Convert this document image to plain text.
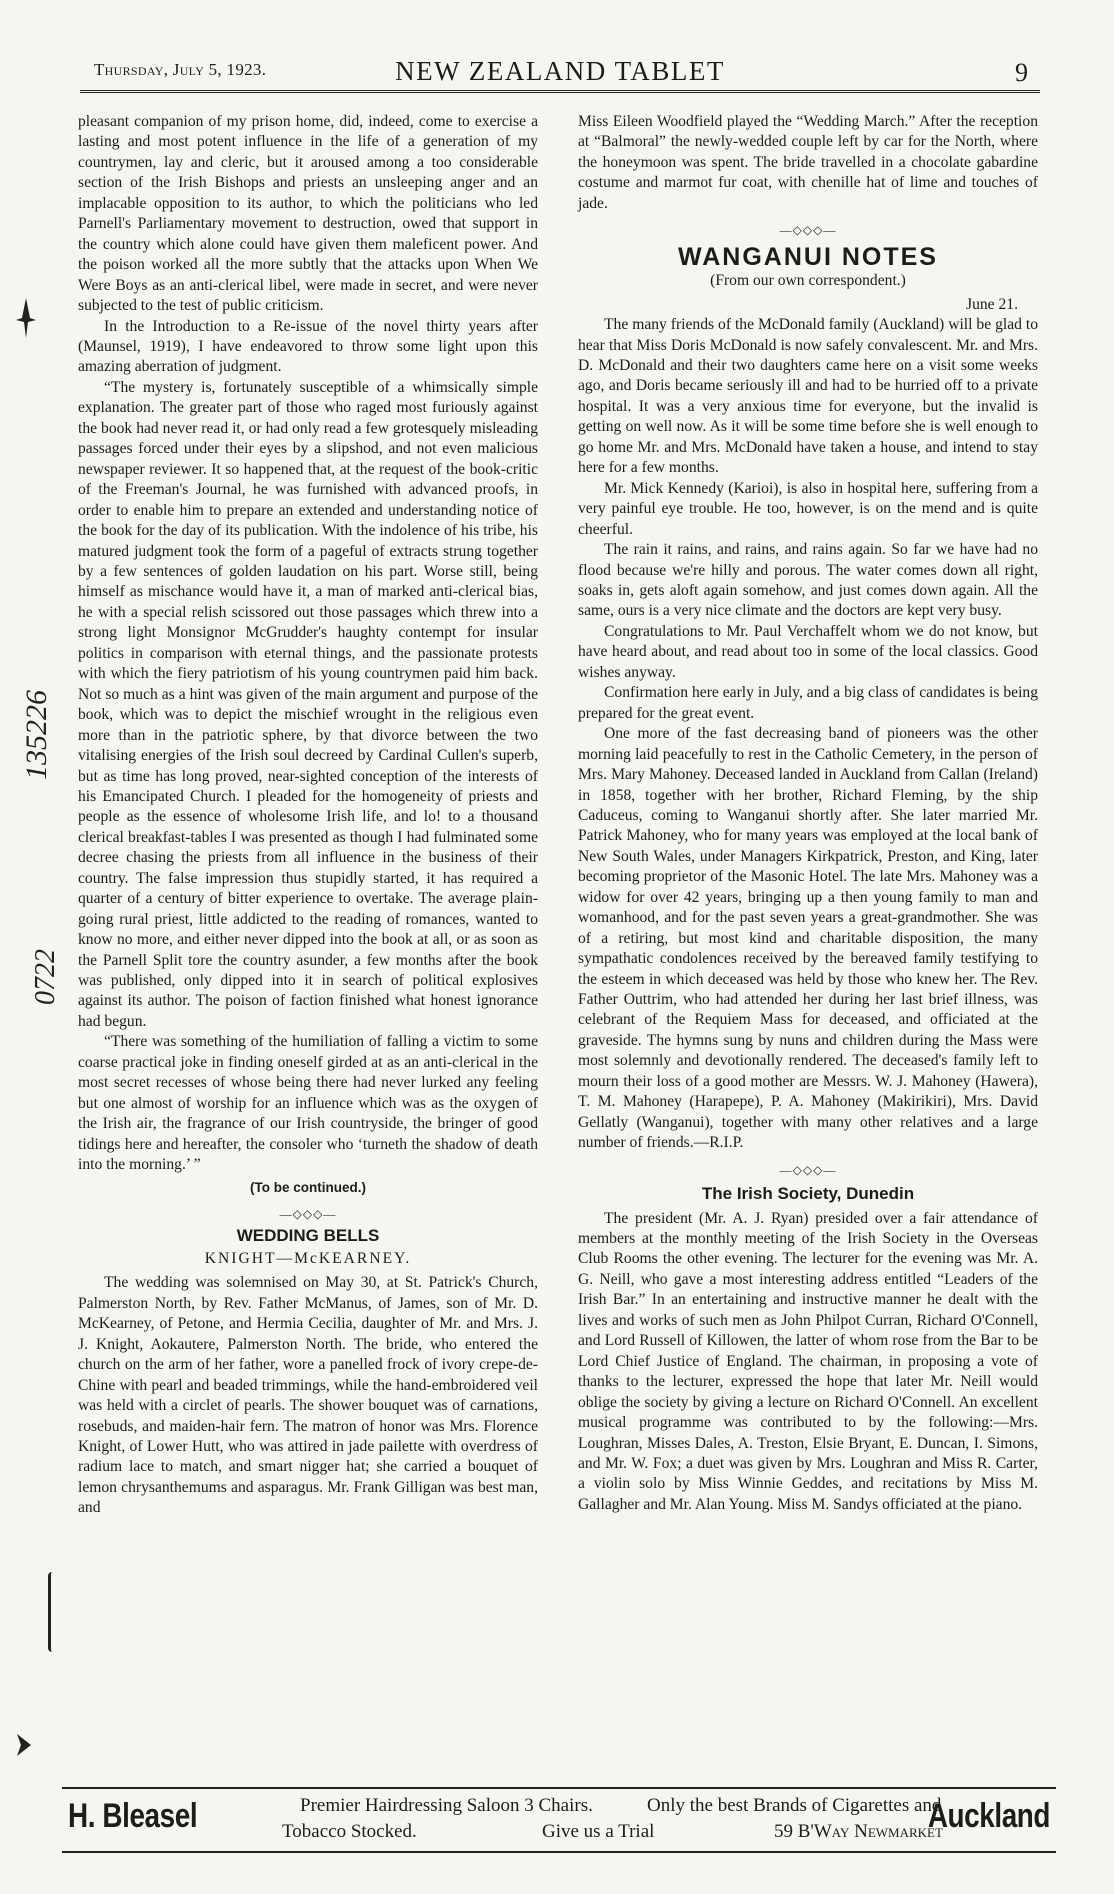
Thursday, July 5, 1923.	NEW ZEALAND TABLET	9

pleasant companion of my prison home, did, indeed, come to exercise a lasting and most potent influence in the life of a generation of my countrymen, lay and cleric, but it aroused among a too considerable section of the Irish Bishops and priests an unsleeping anger and an implacable opposition to its author, to which the politicians who led Parnell's Parliamentary movement to destruction, owed that support in the country which alone could have given them maleficent power. And the poison worked all the more subtly that the attacks upon When We Were Boys as an anti-clerical libel, were made in secret, and were never subjected to the test of public criticism.

In the Introduction to a Re-issue of the novel thirty years after (Maunsel, 1919), I have endeavored to throw some light upon this amazing aberration of judgment.

“The mystery is, fortunately susceptible of a whimsically simple explanation. The greater part of those who raged most furiously against the book had never read it, or had only read a few grotesquely misleading passages forced under their eyes by a slipshod, and not even malicious newspaper reviewer. It so happened that, at the request of the book-critic of the Freeman's Journal, he was furnished with advanced proofs, in order to enable him to prepare an extended and understanding notice of the book for the day of its publication. With the indolence of his tribe, his matured judgment took the form of a pageful of extracts strung together by a few sentences of golden laudation on his part. Worse still, being himself as mischance would have it, a man of marked anti-clerical bias, he with a special relish scissored out those passages which threw into a strong light Monsignor McGrudder's haughty contempt for insular politics in comparison with eternal things, and the passionate protests with which the fiery patriotism of his young countrymen paid him back. Not so much as a hint was given of the main argument and purpose of the book, which was to depict the mischief wrought in the religious even more than in the patriotic sphere, by that divorce between the two vitalising energies of the Irish soul decreed by Cardinal Cullen's superb, but as time has long proved, near-sighted conception of the interests of his Emancipated Church. I pleaded for the homogeneity of priests and people as the essence of wholesome Irish life, and lo! to a thousand clerical breakfast-tables I was presented as though I had fulminated some decree chasing the priests from all influence in the business of their country. The false impression thus stupidly started, it has required a quarter of a century of bitter experience to overtake. The average plain-going rural priest, little addicted to the reading of romances, wanted to know no more, and either never dipped into the book at all, or as soon as the Parnell Split tore the country asunder, a few months after the book was published, only dipped into it in search of political explosives against its author. The poison of faction finished what honest ignorance had begun.

“There was something of the humiliation of falling a victim to some coarse practical joke in finding oneself girded at as an anti-clerical in the most secret recesses of whose being there had never lurked any feeling but one almost of worship for an influence which was as the oxygen of the Irish air, the fragrance of our Irish countryside, the bringer of good tidings here and hereafter, the consoler who ‘turneth the shadow of death into the morning.’ ”

(To be continued.)
—◇◇◇—
WEDDING BELLS
KNIGHT—McKEARNEY.

The wedding was solemnised on May 30, at St. Patrick's Church, Palmerston North, by Rev. Father McManus, of James, son of Mr. D. McKearney, of Petone, and Hermia Cecilia, daughter of Mr. and Mrs. J. J. Knight, Aokautere, Palmerston North. The bride, who entered the church on the arm of her father, wore a panelled frock of ivory crepe-de-Chine with pearl and beaded trimmings, while the hand-embroidered veil was held with a circlet of pearls. The shower bouquet was of carnations, rosebuds, and maiden-hair fern. The matron of honor was Mrs. Florence Knight, of Lower Hutt, who was attired in jade pailette with overdress of radium lace to match, and smart nigger hat; she carried a bouquet of lemon chrysanthemums and asparagus. Mr. Frank Gilligan was best man, and

Miss Eileen Woodfield played the “Wedding March.” After the reception at “Balmoral” the newly-wedded couple left by car for the North, where the honeymoon was spent. The bride travelled in a chocolate gabardine costume and marmot fur coat, with chenille hat of lime and touches of jade.

—◇◇◇—
WANGANUI NOTES
(From our own correspondent.)
June 21.

The many friends of the McDonald family (Auckland) will be glad to hear that Miss Doris McDonald is now safely convalescent. Mr. and Mrs. D. McDonald and their two daughters came here on a visit some weeks ago, and Doris became seriously ill and had to be hurried off to a private hospital. It was a very anxious time for everyone, but the invalid is getting on well now. As it will be some time before she is well enough to go home Mr. and Mrs. McDonald have taken a house, and intend to stay here for a few months.

Mr. Mick Kennedy (Karioi), is also in hospital here, suffering from a very painful eye trouble. He too, however, is on the mend and is quite cheerful.

The rain it rains, and rains, and rains again. So far we have had no flood because we're hilly and porous. The water comes down all right, soaks in, gets aloft again somehow, and just comes down again. All the same, ours is a very nice climate and the doctors are kept very busy.

Congratulations to Mr. Paul Verchaffelt whom we do not know, but have heard about, and read about too in some of the local classics. Good wishes anyway.

Confirmation here early in July, and a big class of candidates is being prepared for the great event.

One more of the fast decreasing band of pioneers was the other morning laid peacefully to rest in the Catholic Cemetery, in the person of Mrs. Mary Mahoney. Deceased landed in Auckland from Callan (Ireland) in 1858, together with her brother, Richard Fleming, by the ship Caduceus, coming to Wanganui shortly after. She later married Mr. Patrick Mahoney, who for many years was employed at the local bank of New South Wales, under Managers Kirkpatrick, Preston, and King, later becoming proprietor of the Masonic Hotel. The late Mrs. Mahoney was a widow for over 42 years, bringing up a then young family to man and womanhood, and for the past seven years a great-grandmother. She was of a retiring, but most kind and charitable disposition, the many sympathatic condolences received by the bereaved family testifying to the esteem in which deceased was held by those who knew her. The Rev. Father Outtrim, who had attended her during her last brief illness, was celebrant of the Requiem Mass for deceased, and officiated at the graveside. The hymns sung by nuns and children during the Mass were most solemnly and devotionally rendered. The deceased's family left to mourn their loss of a good mother are Messrs. W. J. Mahoney (Hawera), T. M. Mahoney (Harapepe), P. A. Mahoney (Makirikiri), Mrs. David Gellatly (Wanganui), together with many other relatives and a large number of friends.—R.I.P.

—◇◇◇—
The Irish Society, Dunedin

The president (Mr. A. J. Ryan) presided over a fair attendance of members at the monthly meeting of the Irish Society in the Overseas Club Rooms the other evening. The lecturer for the evening was Mr. A. G. Neill, who gave a most interesting address entitled “Leaders of the Irish Bar.” In an entertaining and instructive manner he dealt with the lives and works of such men as John Philpot Curran, Richard O'Connell, and Lord Russell of Killowen, the latter of whom rose from the Bar to be Lord Chief Justice of England. The chairman, in proposing a vote of thanks to the lecturer, expressed the hope that later Mr. Neill would oblige the society by giving a lecture on Richard O'Connell. An excellent musical programme was contributed to by the following:—Mrs. Loughran, Misses Dales, A. Treston, Elsie Bryant, E. Duncan, I. Simons, and Mr. W. Fox; a duet was given by Mrs. Loughran and Miss R. Carter, a violin solo by Miss Winnie Geddes, and recitations by Miss M. Gallagher and Mr. Alan Young. Miss M. Sandys officiated at the piano.

H. Bleasel	Premier Hairdressing Saloon 3 Chairs.
Tobacco Stocked.
Only the best Brands of Cigarettes and
Give us a Trial	59 B'Way Newmarket
Auckland
135226
0722
